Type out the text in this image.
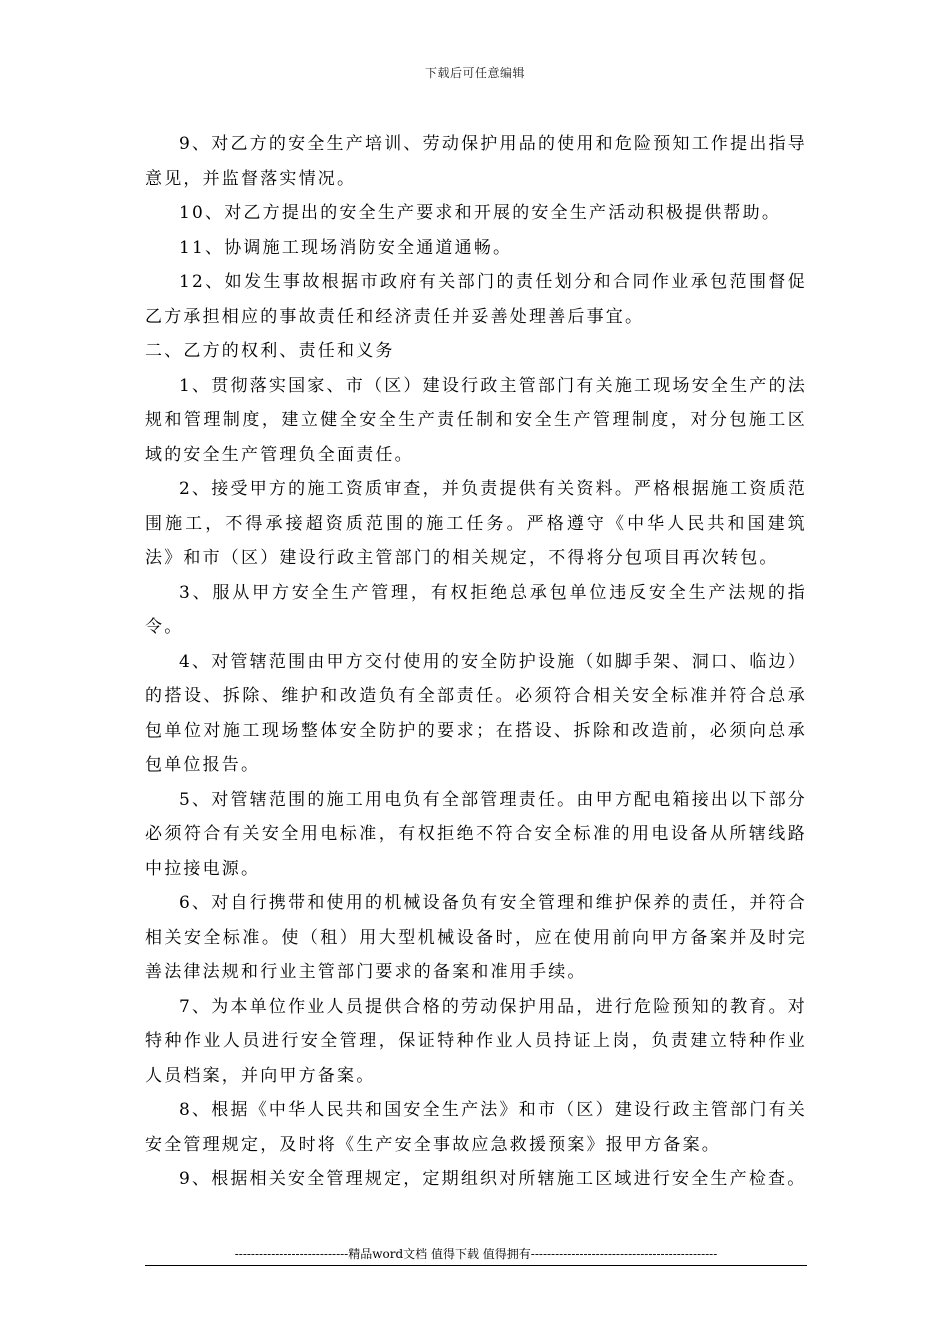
下载后可任意编辑

9、对乙方的安全生产培训、劳动保护用品的使用和危险预知工作提出指导意见，并监督落实情况。

10、对乙方提出的安全生产要求和开展的安全生产活动积极提供帮助。

11、协调施工现场消防安全通道通畅。

12、如发生事故根据市政府有关部门的责任划分和合同作业承包范围督促乙方承担相应的事故责任和经济责任并妥善处理善后事宜。

二、乙方的权利、责任和义务

1、贯彻落实国家、市（区）建设行政主管部门有关施工现场安全生产的法规和管理制度，建立健全安全生产责任制和安全生产管理制度，对分包施工区域的安全生产管理负全面责任。

2、接受甲方的施工资质审查，并负责提供有关资料。严格根据施工资质范围施工，不得承接超资质范围的施工任务。严格遵守《中华人民共和国建筑法》和市（区）建设行政主管部门的相关规定，不得将分包项目再次转包。

3、服从甲方安全生产管理，有权拒绝总承包单位违反安全生产法规的指令。

4、对管辖范围由甲方交付使用的安全防护设施（如脚手架、洞口、临边）的搭设、拆除、维护和改造负有全部责任。必须符合相关安全标准并符合总承包单位对施工现场整体安全防护的要求；在搭设、拆除和改造前，必须向总承包单位报告。

5、对管辖范围的施工用电负有全部管理责任。由甲方配电箱接出以下部分必须符合有关安全用电标准，有权拒绝不符合安全标准的用电设备从所辖线路中拉接电源。

6、对自行携带和使用的机械设备负有安全管理和维护保养的责任，并符合相关安全标准。使（租）用大型机械设备时，应在使用前向甲方备案并及时完善法律法规和行业主管部门要求的备案和准用手续。

7、为本单位作业人员提供合格的劳动保护用品，进行危险预知的教育。对特种作业人员进行安全管理，保证特种作业人员持证上岗，负责建立特种作业人员档案，并向甲方备案。

8、根据《中华人民共和国安全生产法》和市（区）建设行政主管部门有关安全管理规定，及时将《生产安全事故应急救援预案》报甲方备案。

9、根据相关安全管理规定，定期组织对所辖施工区域进行安全生产检查。

----------------------------精品word文档 值得下载 值得拥有----------------------------------------------
